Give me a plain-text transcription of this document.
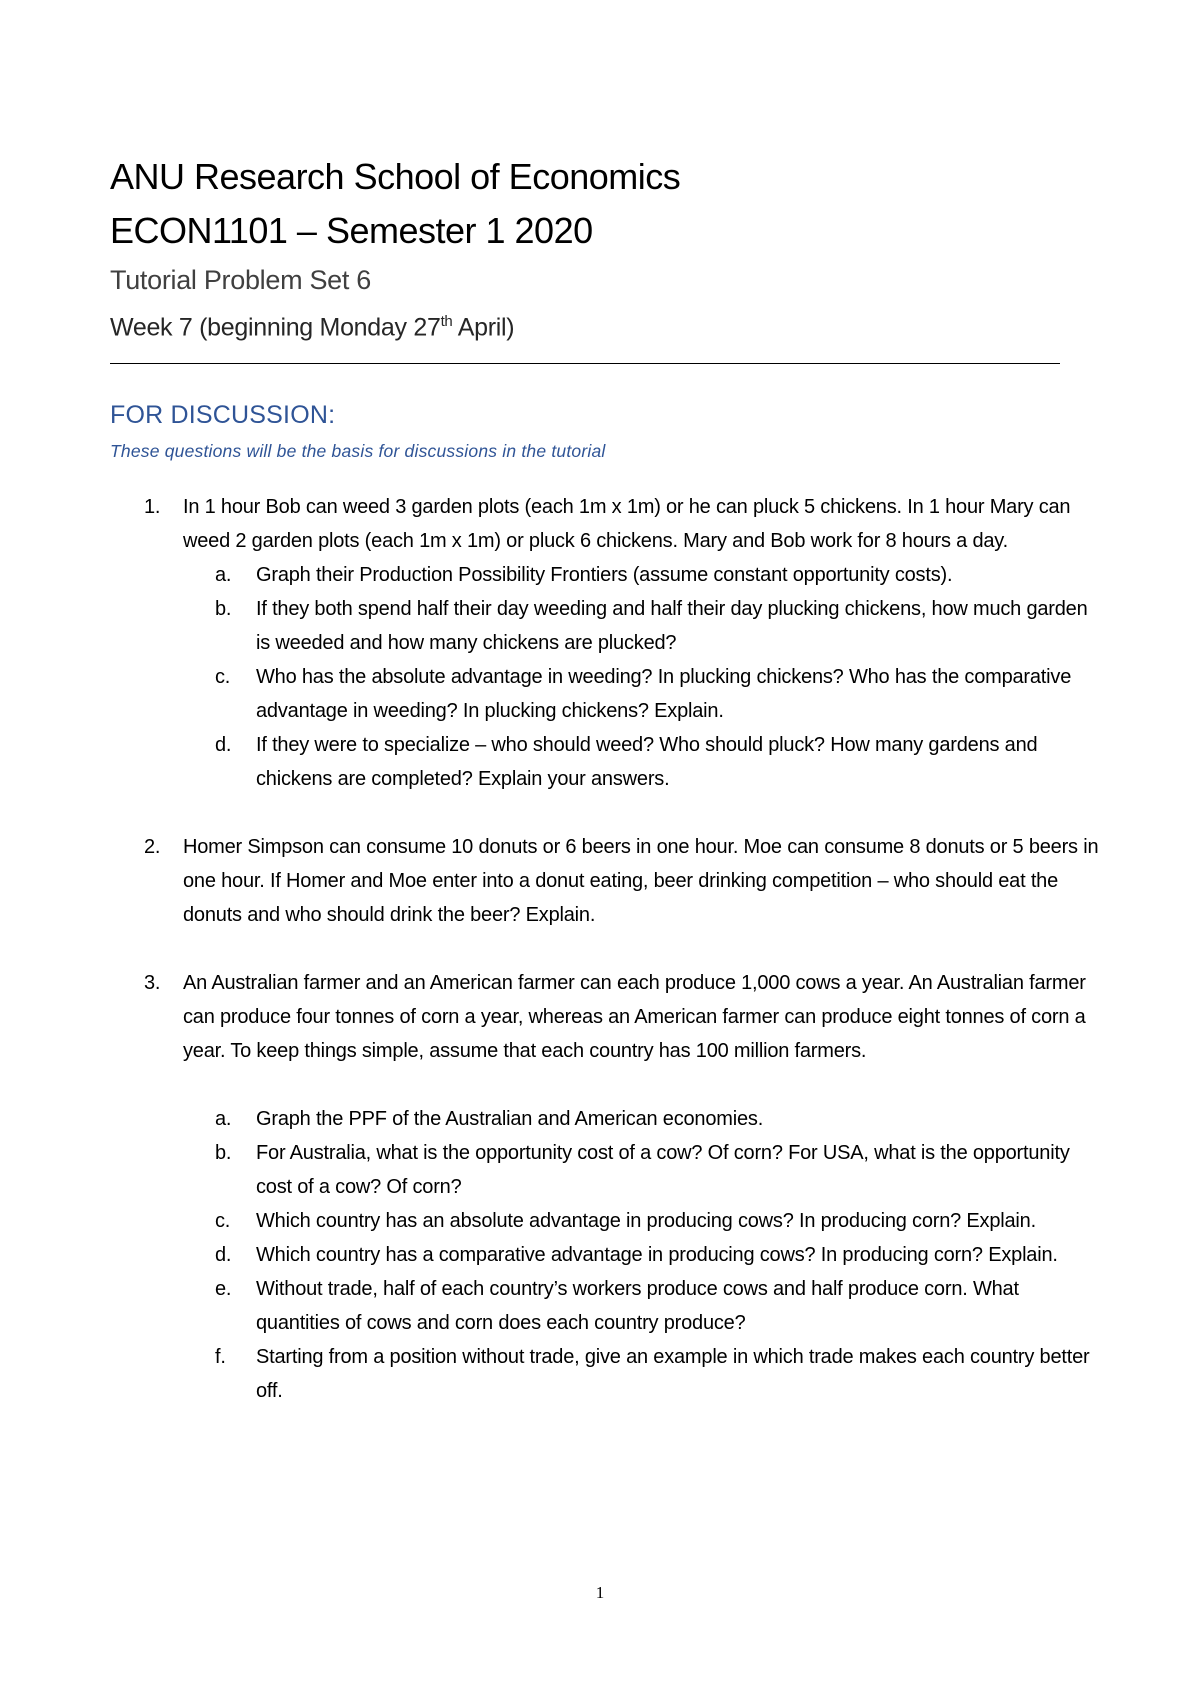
ANU Research School of Economics

ECON1101 – Semester 1 2020

Tutorial Problem Set 6

Week 7 (beginning Monday 27th April)

FOR DISCUSSION:

These questions will be the basis for discussions in the tutorial

1. In 1 hour Bob can weed 3 garden plots (each 1m x 1m) or he can pluck 5 chickens. In 1 hour Mary can weed 2 garden plots (each 1m x 1m) or pluck 6 chickens. Mary and Bob work for 8 hours a day.

a. Graph their Production Possibility Frontiers (assume constant opportunity costs).
b. If they both spend half their day weeding and half their day plucking chickens, how much garden is weeded and how many chickens are plucked?
c. Who has the absolute advantage in weeding? In plucking chickens? Who has the comparative advantage in weeding? In plucking chickens? Explain.
d. If they were to specialize – who should weed? Who should pluck? How many gardens and chickens are completed? Explain your answers.
2. Homer Simpson can consume 10 donuts or 6 beers in one hour. Moe can consume 8 donuts or 5 beers in one hour. If Homer and Moe enter into a donut eating, beer drinking competition – who should eat the donuts and who should drink the beer? Explain.

3. An Australian farmer and an American farmer can each produce 1,000 cows a year. An Australian farmer can produce four tonnes of corn a year, whereas an American farmer can produce eight tonnes of corn a year. To keep things simple, assume that each country has 100 million farmers.

a. Graph the PPF of the Australian and American economies.
b. For Australia, what is the opportunity cost of a cow? Of corn? For USA, what is the opportunity cost of a cow? Of corn?
c. Which country has an absolute advantage in producing cows? In producing corn? Explain.
d. Which country has a comparative advantage in producing cows? In producing corn? Explain.
e. Without trade, half of each country’s workers produce cows and half produce corn. What quantities of cows and corn does each country produce?
f. Starting from a position without trade, give an example in which trade makes each country better off.
1
